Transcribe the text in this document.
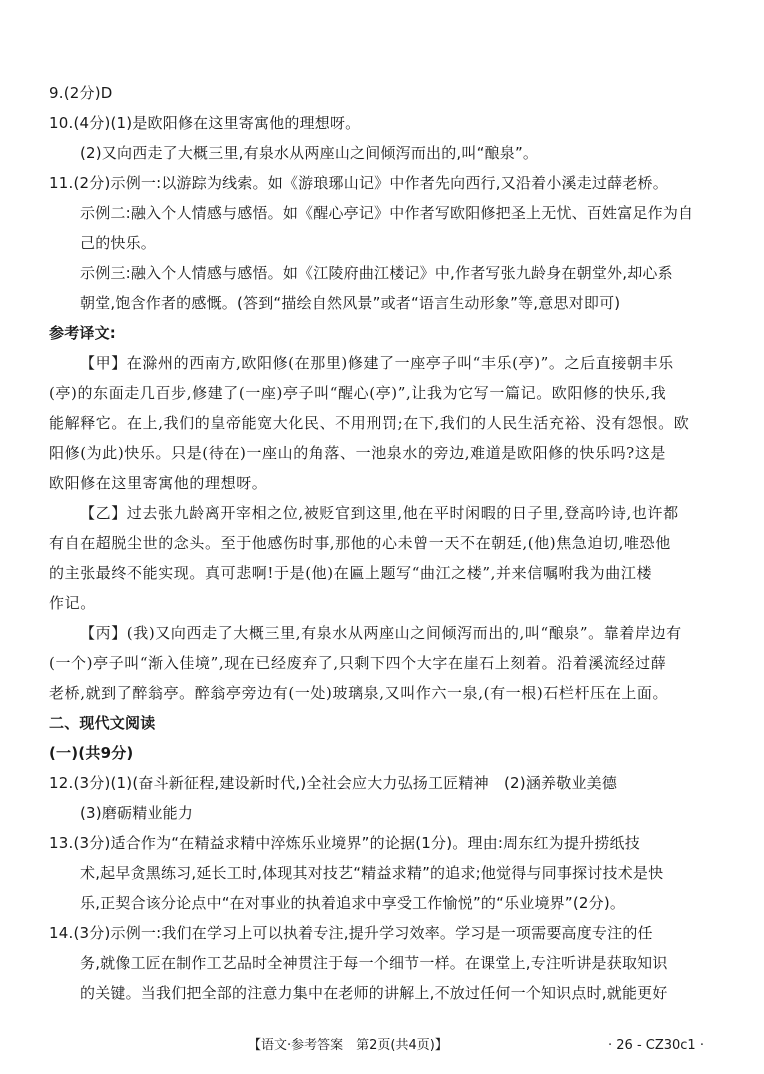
9.(2分)D
10.(4分)(1)是欧阳修在这里寄寓他的理想呀。
(2)又向西走了大概三里,有泉水从两座山之间倾泻而出的,叫“酿泉”。
11.(2分)示例一:以游踪为线索。如《游琅琊山记》中作者先向西行,又沿着小溪走过薛老桥。
示例二:融入个人情感与感悟。如《醒心亭记》中作者写欧阳修把圣上无忧、百姓富足作为自
己的快乐。
示例三:融入个人情感与感悟。如《江陵府曲江楼记》中,作者写张九龄身在朝堂外,却心系
朝堂,饱含作者的感慨。(答到“描绘自然风景”或者“语言生动形象”等,意思对即可)
参考译文:
【甲】在滁州的西南方,欧阳修(在那里)修建了一座亭子叫“丰乐(亭)”。之后直接朝丰乐
(亭)的东面走几百步,修建了(一座)亭子叫“醒心(亭)”,让我为它写一篇记。欧阳修的快乐,我
能解释它。在上,我们的皇帝能宽大化民、不用刑罚;在下,我们的人民生活充裕、没有怨恨。欧
阳修(为此)快乐。只是(待在)一座山的角落、一池泉水的旁边,难道是欧阳修的快乐吗?这是
欧阳修在这里寄寓他的理想呀。
【乙】过去张九龄离开宰相之位,被贬官到这里,他在平时闲暇的日子里,登高吟诗,也许都
有自在超脱尘世的念头。至于他感伤时事,那他的心未曾一天不在朝廷,(他)焦急迫切,唯恐他
的主张最终不能实现。真可悲啊!于是(他)在匾上题写“曲江之楼”,并来信嘱咐我为曲江楼
作记。
【丙】(我)又向西走了大概三里,有泉水从两座山之间倾泻而出的,叫“酿泉”。靠着岸边有
(一个)亭子叫“渐入佳境”,现在已经废弃了,只剩下四个大字在崖石上刻着。沿着溪流经过薛
老桥,就到了醉翁亭。醉翁亭旁边有(一处)玻璃泉,又叫作六一泉,(有一根)石栏杆压在上面。
二、现代文阅读
(一)(共9分)
12.(3分)(1)(奋斗新征程,建设新时代,)全社会应大力弘扬工匠精神　(2)涵养敬业美德
(3)磨砺精业能力
13.(3分)适合作为“在精益求精中淬炼乐业境界”的论据(1分)。理由:周东红为提升捞纸技
术,起早贪黑练习,延长工时,体现其对技艺“精益求精”的追求;他觉得与同事探讨技术是快
乐,正契合该分论点中“在对事业的执着追求中享受工作愉悦”的“乐业境界”(2分)。
14.(3分)示例一:我们在学习上可以执着专注,提升学习效率。学习是一项需要高度专注的任
务,就像工匠在制作工艺品时全神贯注于每一个细节一样。在课堂上,专注听讲是获取知识
的关键。当我们把全部的注意力集中在老师的讲解上,不放过任何一个知识点时,就能更好
【语文·参考答案　第2页(共4页)】	· 26 - CZ30c1 ·
